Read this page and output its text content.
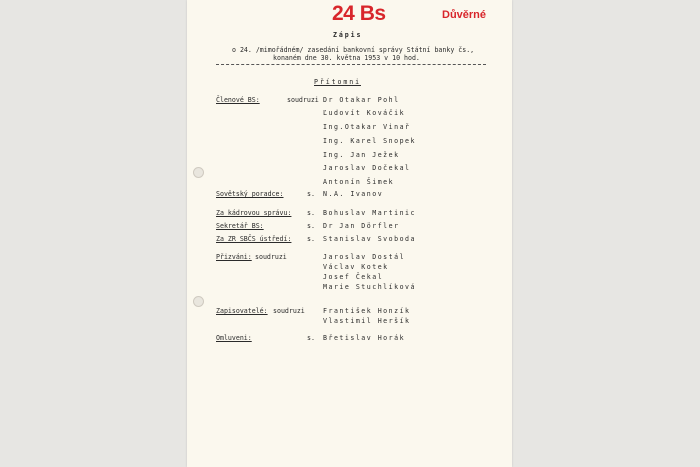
24 Bs	Důvěrné
Zápis
o 24. /mimořádném/ zasedání bankovní správy Státní banky čs.,
konaném dne 30. května 1953 v 10 hod.
Přítomni
Členové BS:	soudruzi Dr Otakar Pohl
Ľudovít Kováčik
Ing.Otakar Vinař
Ing. Karel Snopek
Ing. Jan Ježek
Jaroslav Dočekal
Antonín Šimek
Sovětský poradce:	s. N.A. Ivanov
Za kádrovou správu: s. Bohuslav Martinic
Sekretář BS:	s. Dr Jan Dörfler
Za ZR SBČS ústředí: s. Stanislav Svoboda
Přizváni: soudruzi	Jaroslav Dostál
Václav Kotek
Josef Čekal
Marie Stuchlíková
Zapisovatelé: soudruzi	František Honzík
Vlastimil Heršík
Omluveni:	s. Břetislav Horák
